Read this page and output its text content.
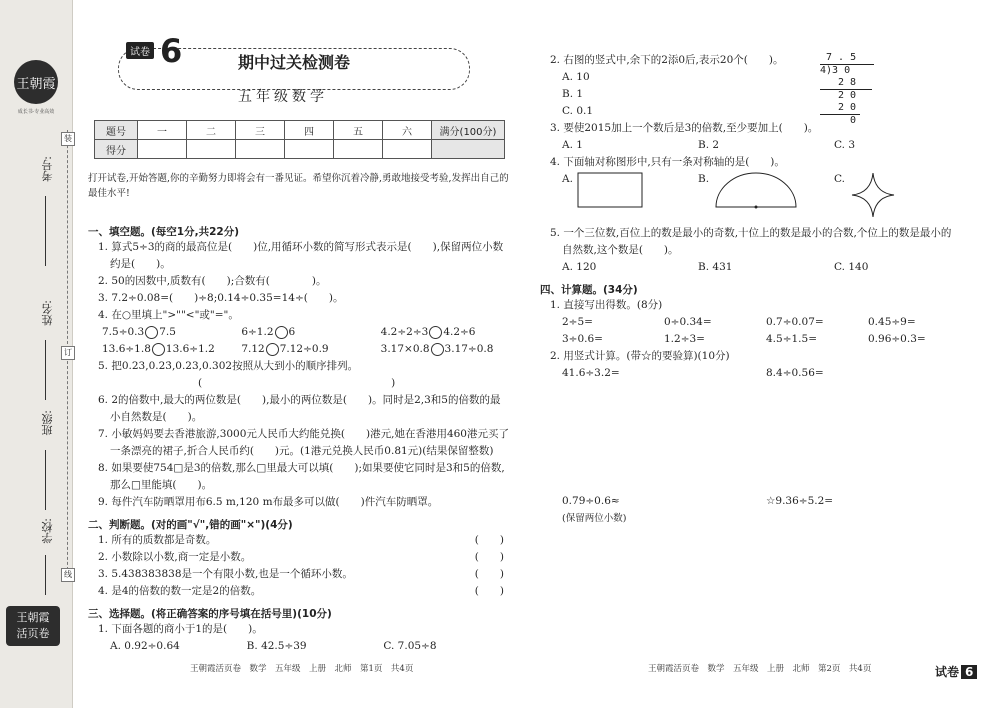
王朝霞
成长书·专业高效
考号:
姓名:
班级:
学校:
装
订
线
王朝霞
活页卷
试卷 6	期中过关检测卷
五年级数学
题号	一	二	三	四	五	六	满分(100分)
得分							
打开试卷,开始答题,你的辛勤努力即将会有一番见证。希望你沉着冷静,勇敢地接受考验,发挥出自己的最佳水平!
一、填空题。(每空1分,共22分)
1. 算式5÷3的商的最高位是(　　)位,用循环小数的简写形式表示是(　　),保留两位小数
约是(　　)。
2. 50的因数中,质数有(　　);合数有(　　　　)。
3. 7.2÷0.08=(　　)÷8;0.14÷0.35=14÷(　　)。
4. 在○里填上">""<"或"="。
7.5÷0.3 7.5	6÷1.2 6	4.2÷2÷3 4.2÷6
13.6÷1.8 13.6÷1.2	7.12 7.12÷0.9	3.17×0.8 3.17÷0.8
5. 把0.23,0.23̇,0.23,0.302按照从大到小的顺序排列。
(　　　　　　　　　　　　　　　　　　)
6. 2的倍数中,最大的两位数是(　　),最小的两位数是(　　)。同时是2,3和5的倍数的最
小自然数是(　　)。
7. 小敏妈妈要去香港旅游,3000元人民币大约能兑换(　　)港元,她在香港用460港元买了
一条漂亮的裙子,折合人民币约(　　)元。(1港元兑换人民币0.81元)(结果保留整数)
8. 如果要使754□是3的倍数,那么□里最大可以填(　　);如果要使它同时是3和5的倍数,
那么□里能填(　　)。
9. 每件汽车防晒罩用布6.5 m,120 m布最多可以做(　　)件汽车防晒罩。
二、判断题。(对的画"√",错的画"×")(4分)
1. 所有的质数都是奇数。	(　　)
2. 小数除以小数,商一定是小数。	(　　)
3. 5.438383838是一个有限小数,也是一个循环小数。	(　　)
4. 是4的倍数的数一定是2的倍数。	(　　)
三、选择题。(将正确答案的序号填在括号里)(10分)
1. 下面各题的商小于1的是(　　)。
A. 0.92÷0.64	B. 42.5÷39	C. 7.05÷8
7 . 5
4)3 0
2 8
2 0
2 0
0
2. 右图的竖式中,余下的2添0后,表示20个(　　)。
A. 10
B. 1
C. 0.1
3. 要使2015加上一个数后是3的倍数,至少要加上(　　)。
A. 1	B. 2	C. 3
4. 下面轴对称图形中,只有一条对称轴的是(　　)。
A.	B.	C.
5. 一个三位数,百位上的数是最小的奇数,十位上的数是最小的合数,个位上的数是最小的
自然数,这个数是(　　)。
A. 120	B. 431	C. 140
四、计算题。(34分)
1. 直接写出得数。(8分)
2÷5=	0÷0.34=	0.7÷0.07=	0.45÷9=
3÷0.6=	1.2÷3=	4.5÷1.5=	0.96÷0.3=
2. 用竖式计算。(带☆的要验算)(10分)
41.6÷3.2=	8.4÷0.56=
0.79÷0.6≈	☆9.36÷5.2=
(保留两位小数)
王朝霞活页卷　数学　五年级　上册　北师　第1页　共4页	王朝霞活页卷　数学　五年级　上册　北师　第2页　共4页	试卷 6
